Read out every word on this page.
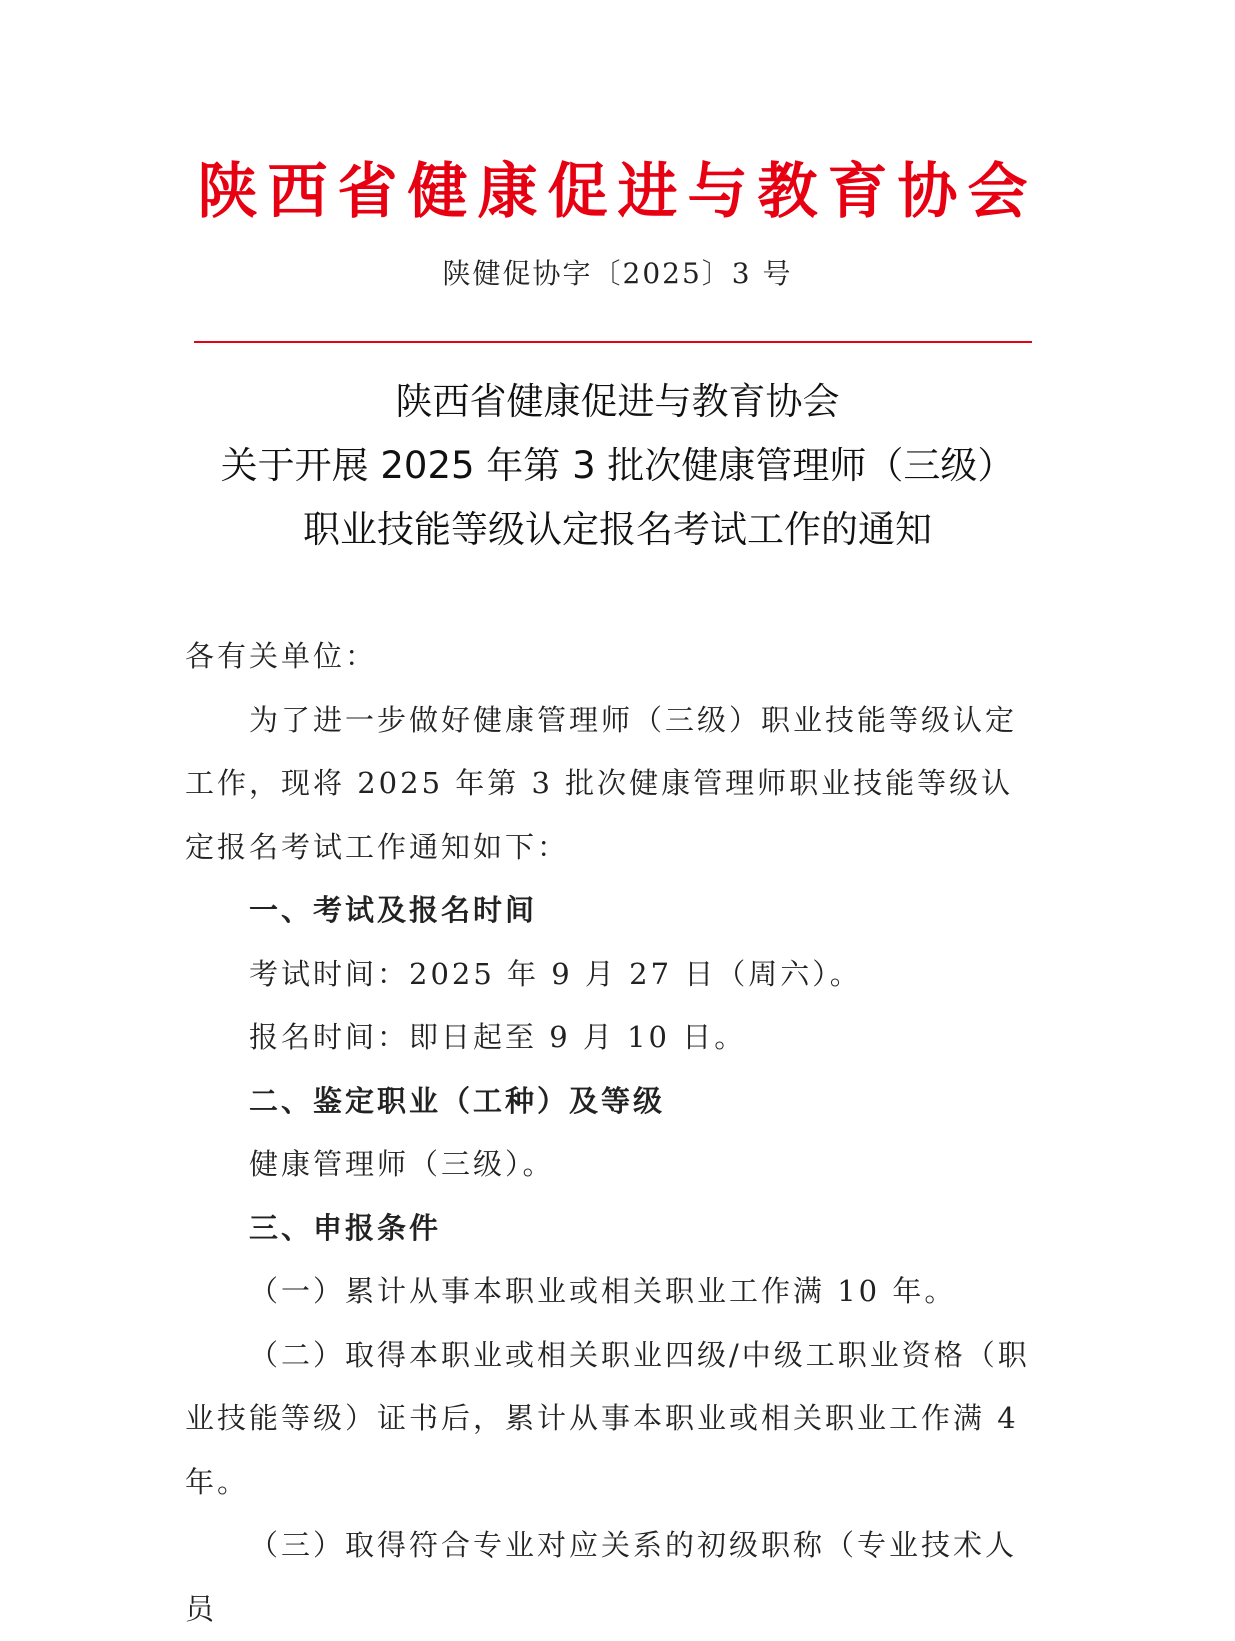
陕西省健康促进与教育协会
陕健促协字〔2025〕3 号
陕西省健康促进与教育协会
关于开展 2025 年第 3 批次健康管理师（三级）
职业技能等级认定报名考试工作的通知

各有关单位：

为了进一步做好健康管理师（三级）职业技能等级认定工作，现将 2025 年第 3 批次健康管理师职业技能等级认定报名考试工作通知如下：

一、考试及报名时间

考试时间：2025 年 9 月 27 日（周六）。

报名时间：即日起至 9 月 10 日。

二、鉴定职业（工种）及等级

健康管理师（三级）。

三、申报条件

（一）累计从事本职业或相关职业工作满 10 年。

（二）取得本职业或相关职业四级/中级工职业资格（职业技能等级）证书后，累计从事本职业或相关职业工作满 4 年。

（三）取得符合专业对应关系的初级职称（专业技术人员
